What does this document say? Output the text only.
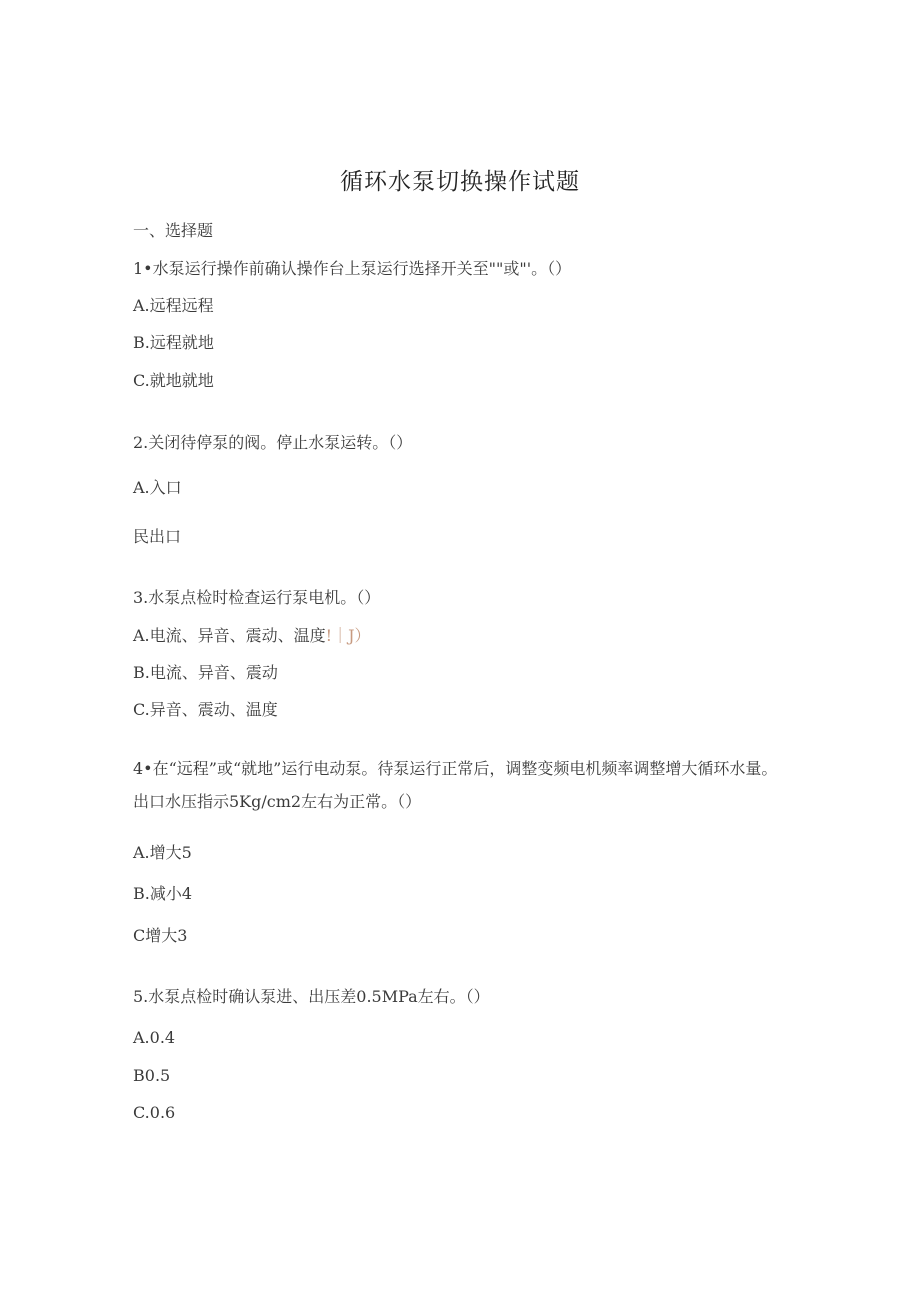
循环水泵切换操作试题
一、选择题
1•水泵运行操作前确认操作台上泵运行选择开关至""或"'。（）
A.远程远程
B.远程就地
C.就地就地
2.关闭待停泵的阀。停止水泵运转。（）
A.入口
民出口
3.水泵点检时检查运行泵电机。（）
A.电流、异音、震动、温度!｜J）
B.电流、异音、震动
C.异音、震动、温度
4•在“远程”或“就地”运行电动泵。待泵运行正常后，调整变频电机频率调整增大循环水量。出口水压指示5Kg∕cm2左右为正常。（）
A.增大5
B.减小4
C增大3
5.水泵点检时确认泵进、出压差0.5MPa左右。（）
A.0.4
B0.5
C.0.6
